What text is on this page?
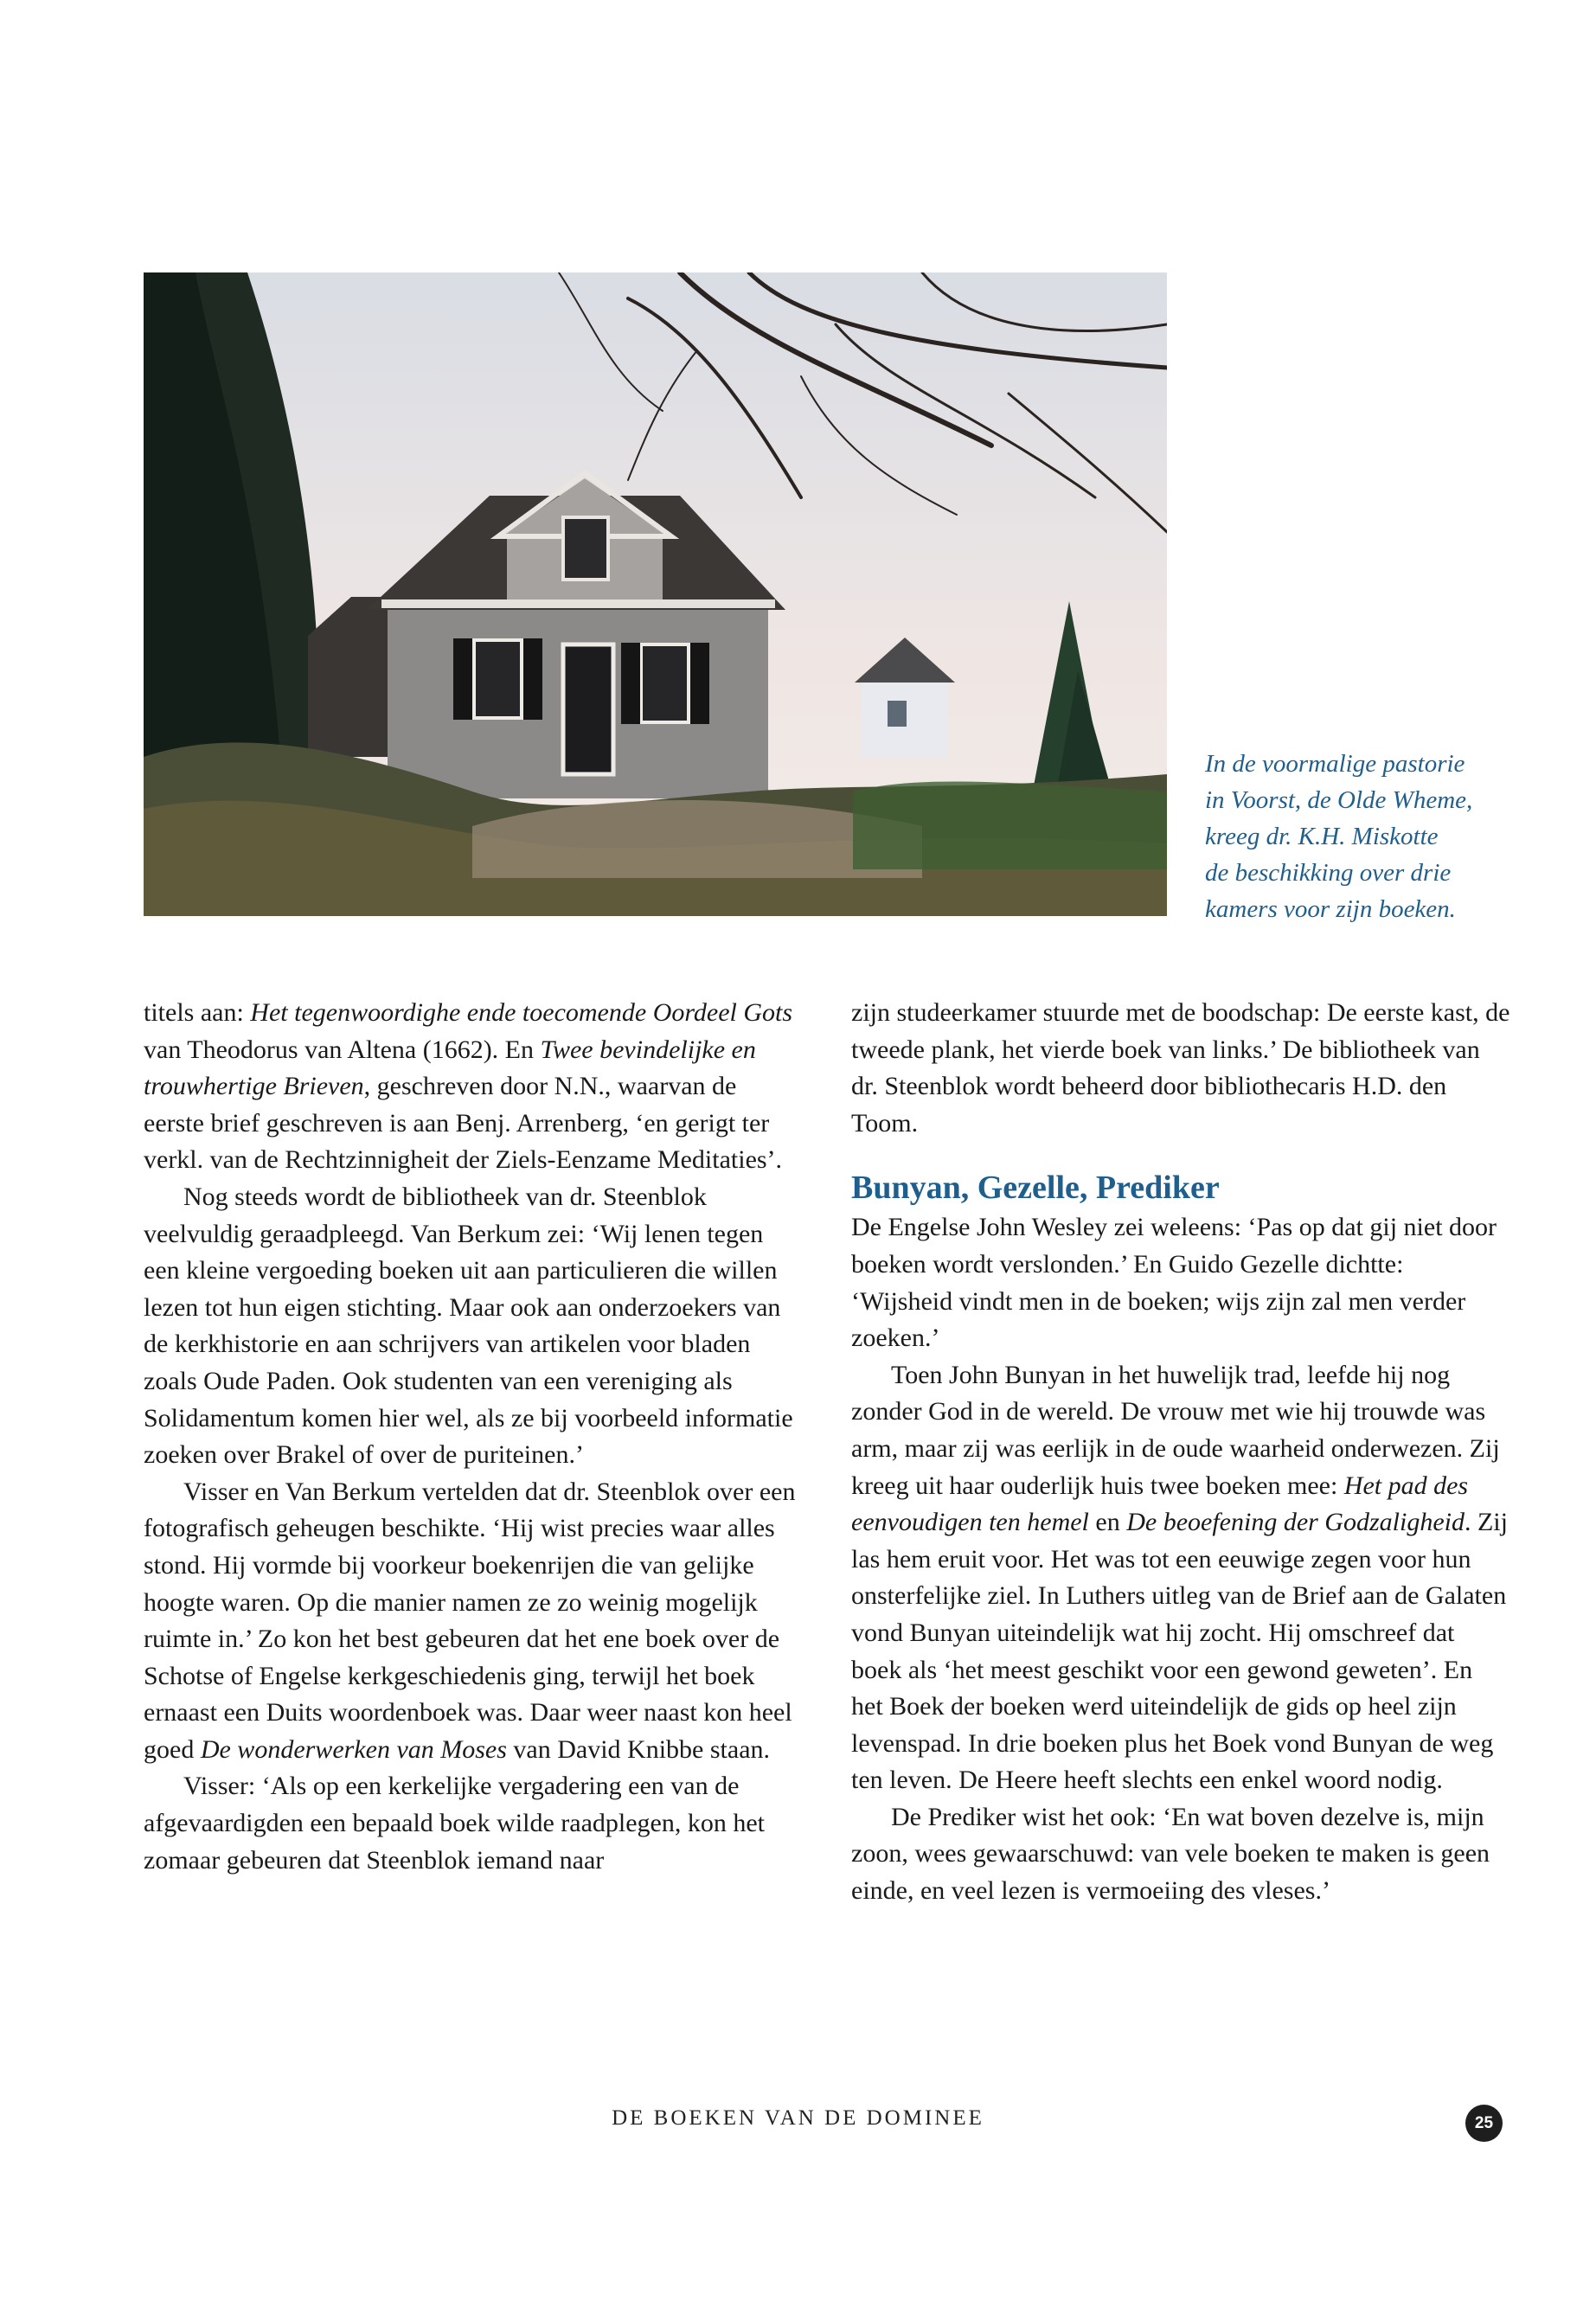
In de voormalige pastorie
in Voorst, de Olde Wheme,
kreeg dr. K.H. Miskotte
de beschikking over drie
kamers voor zijn boeken.

titels aan: Het tegenwoordighe ende toecomende Oordeel Gots van Theodorus van Altena (1662). En Twee bevindelijke en trouwhertige Brieven, geschreven door N.N., waarvan de eerste brief geschreven is aan Benj. Arrenberg, ‘en gerigt ter verkl. van de Rechtzinnigheit der Ziels-Eenzame Meditaties’.

Nog steeds wordt de bibliotheek van dr. Steenblok veelvuldig geraadpleegd. Van Berkum zei: ‘Wij lenen tegen een kleine vergoeding boeken uit aan particulieren die willen lezen tot hun eigen stichting. Maar ook aan onderzoekers van de kerkhistorie en aan schrijvers van artikelen voor bladen zoals Oude Paden. Ook studenten van een vereniging als Solidamentum komen hier wel, als ze bij voorbeeld informatie zoeken over Brakel of over de puriteinen.’

Visser en Van Berkum vertelden dat dr. Steenblok over een fotografisch geheugen beschikte. ‘Hij wist precies waar alles stond. Hij vormde bij voorkeur boekenrijen die van gelijke hoogte waren. Op die manier namen ze zo weinig mogelijk ruimte in.’ Zo kon het best gebeuren dat het ene boek over de Schotse of Engelse kerkgeschiedenis ging, terwijl het boek ernaast een Duits woordenboek was. Daar weer naast kon heel goed De wonderwerken van Moses van David Knibbe staan.

Visser: ‘Als op een kerkelijke vergadering een van de afgevaardigden een bepaald boek wilde raadplegen, kon het zomaar gebeuren dat Steenblok iemand naar

zijn studeerkamer stuurde met de boodschap: De eerste kast, de tweede plank, het vierde boek van links.’ De bibliotheek van dr. Steenblok wordt beheerd door bibliothecaris H.D. den Toom.

Bunyan, Gezelle, Prediker

De Engelse John Wesley zei weleens: ‘Pas op dat gij niet door boeken wordt verslonden.’ En Guido Gezelle dichtte: ‘Wijsheid vindt men in de boeken; wijs zijn zal men verder zoeken.’

Toen John Bunyan in het huwelijk trad, leefde hij nog zonder God in de wereld. De vrouw met wie hij trouwde was arm, maar zij was eerlijk in de oude waarheid onderwezen. Zij kreeg uit haar ouderlijk huis twee boeken mee: Het pad des eenvoudigen ten hemel en De beoefening der Godzaligheid. Zij las hem eruit voor. Het was tot een eeuwige zegen voor hun onsterfelijke ziel. In Luthers uitleg van de Brief aan de Galaten vond Bunyan uiteindelijk wat hij zocht. Hij omschreef dat boek als ‘het meest geschikt voor een gewond geweten’. En het Boek der boeken werd uiteindelijk de gids op heel zijn levenspad. In drie boeken plus het Boek vond Bunyan de weg ten leven. De Heere heeft slechts een enkel woord nodig.

De Prediker wist het ook: ‘En wat boven dezelve is, mijn zoon, wees gewaarschuwd: van vele boeken te maken is geen einde, en veel lezen is vermoeiing des vleses.’

DE BOEKEN VAN DE DOMINEE	25
